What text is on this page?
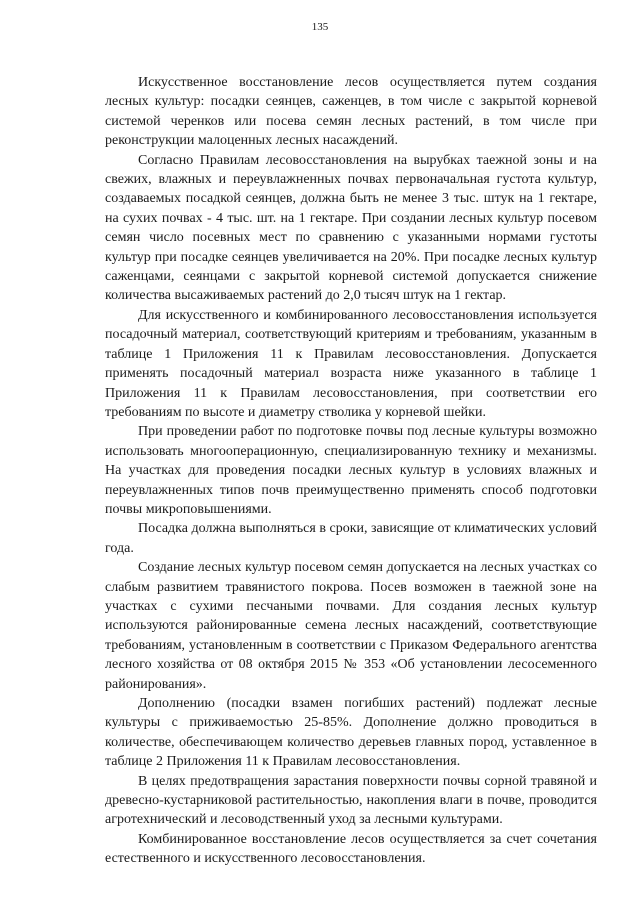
135

Искусственное восстановление лесов осуществляется путем создания лесных культур: посадки сеянцев, саженцев, в том числе с закрытой корневой системой черенков или посева семян лесных растений, в том числе при реконструкции малоценных лесных насаждений.

Согласно Правилам лесовосстановления на вырубках таежной зоны и на свежих, влажных и переувлажненных почвах первоначальная густота культур, создаваемых посадкой сеянцев, должна быть не менее 3 тыс. штук на 1 гектаре, на сухих почвах - 4 тыс. шт. на 1 гектаре. При создании лесных культур посевом семян число посевных мест по сравнению с указанными нормами густоты культур при посадке сеянцев увеличивается на 20%. При посадке лесных культур саженцами, сеянцами с закрытой корневой системой допускается снижение количества высаживаемых растений до 2,0 тысяч штук на 1 гектар.

Для искусственного и комбинированного лесовосстановления используется посадочный материал, соответствующий критериям и требованиям, указанным в таблице 1 Приложения 11 к Правилам лесовосстановления. Допускается применять посадочный материал возраста ниже указанного в таблице 1 Приложения 11 к Правилам лесовосстановления, при соответствии его требованиям по высоте и диаметру стволика у корневой шейки.

При проведении работ по подготовке почвы под лесные культуры возможно использовать многооперационную, специализированную технику и механизмы. На участках для проведения посадки лесных культур в условиях влажных и переувлажненных типов почв преимущественно применять способ подготовки почвы микроповышениями.

Посадка должна выполняться в сроки, зависящие от климатических условий года.

Создание лесных культур посевом семян допускается на лесных участках со слабым развитием травянистого покрова. Посев возможен в таежной зоне на участках с сухими песчаными почвами. Для создания лесных культур используются районированные семена лесных насаждений, соответствующие требованиям, установленным в соответствии с Приказом Федерального агентства лесного хозяйства от 08 октября 2015 № 353 «Об установлении лесосеменного районирования».

Дополнению (посадки взамен погибших растений) подлежат лесные культуры с приживаемостью 25-85%. Дополнение должно проводиться в количестве, обеспечивающем количество деревьев главных пород, уставленное в таблице 2 Приложения 11 к Правилам лесовосстановления.

В целях предотвращения зарастания поверхности почвы сорной травяной и древесно-кустарниковой растительностью, накопления влаги в почве, проводится агротехнический и лесоводственный уход за лесными культурами.

Комбинированное восстановление лесов осуществляется за счет сочетания естественного и искусственного лесовосстановления.
